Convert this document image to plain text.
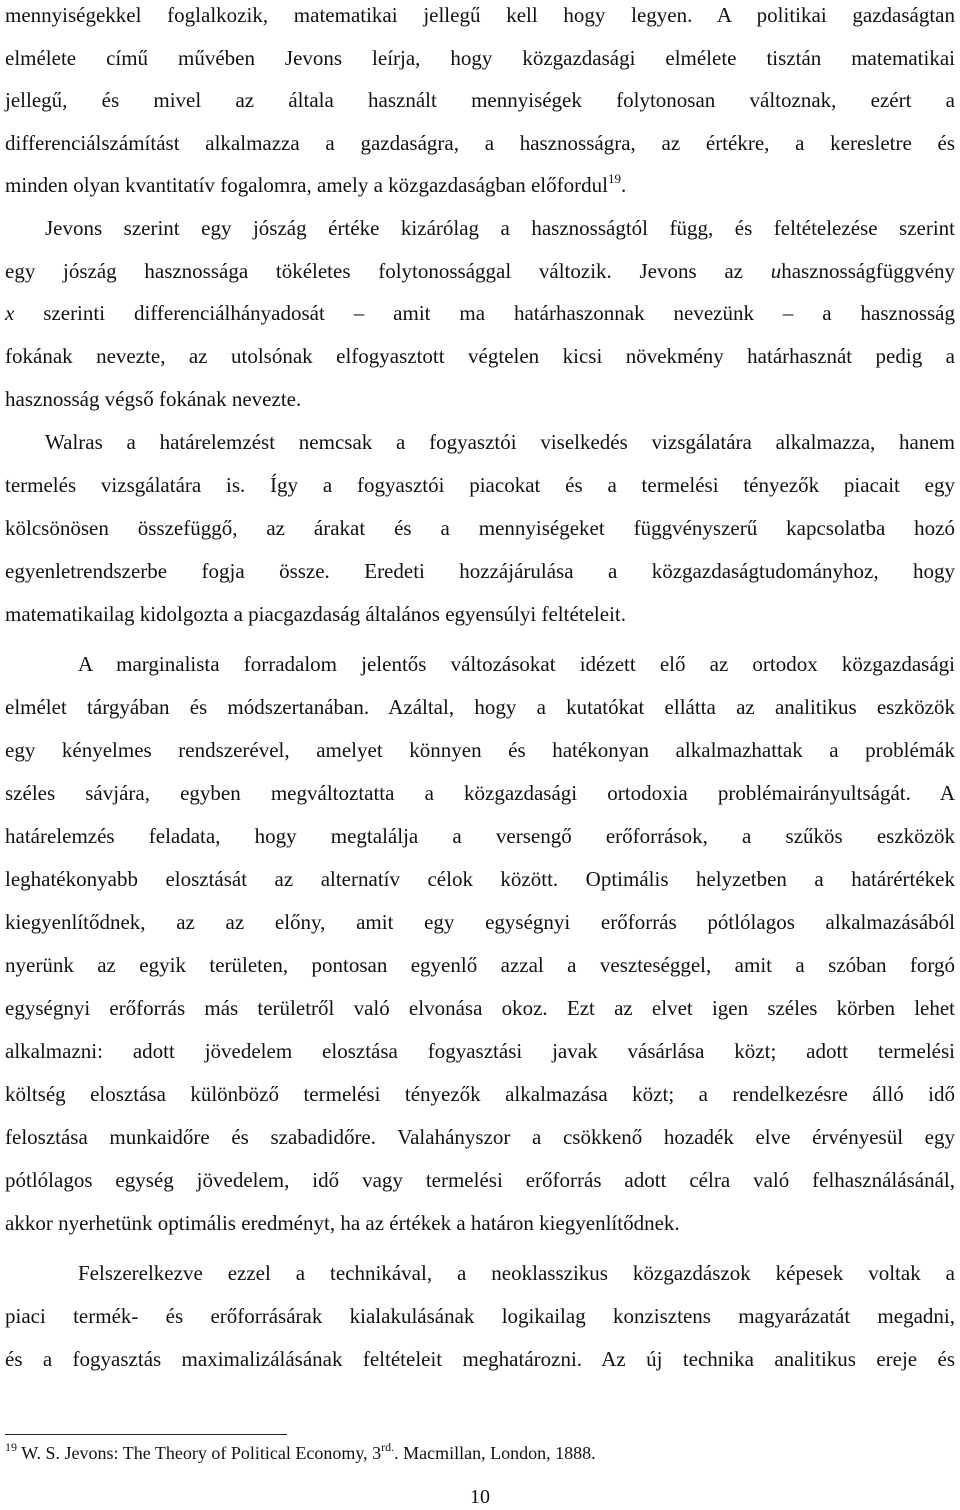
mennyiségekkel foglalkozik, matematikai jellegű kell hogy legyen. A politikai gazdaságtan
elmélete című művében Jevons leírja, hogy közgazdasági elmélete tisztán matematikai
jellegű, és mivel az általa használt mennyiségek folytonosan változnak, ezért a
differenciálszámítást alkalmazza a gazdaságra, a hasznosságra, az értékre, a keresletre és
minden olyan kvantitatív fogalomra, amely a közgazdaságban előfordul$^{19}$.
Jevons szerint egy jószág értéke kizárólag a hasznosságtól függ, és feltételezése szerint
egy jószág hasznossága tökéletes folytonossággal változik. Jevons az uhasznosságfüggvény
x szerinti differenciálhányadosát – amit ma határhaszonnak nevezünk – a hasznosság
fokának nevezte, az utolsónak elfogyasztott végtelen kicsi növekmény határhasznát pedig a
hasznosság végső fokának nevezte.
Walras a határelemzést nemcsak a fogyasztói viselkedés vizsgálatára alkalmazza, hanem
termelés vizsgálatára is. Így a fogyasztói piacokat és a termelési tényezők piacait egy
kölcsönösen összefüggő, az árakat és a mennyiségeket függvényszerű kapcsolatba hozó
egyenletrendszerbe fogja össze. Eredeti hozzájárulása a közgazdaságtudományhoz, hogy
matematikailag kidolgozta a piacgazdaság általános egyensúlyi feltételeit.
A marginalista forradalom jelentős változásokat idézett elő az ortodox közgazdasági
elmélet tárgyában és módszertanában. Azáltal, hogy a kutatókat ellátta az analitikus eszközök
egy kényelmes rendszerével, amelyet könnyen és hatékonyan alkalmazhattak a problémák
széles sávjára, egyben megváltoztatta a közgazdasági ortodoxia problémairányultságát. A
határelemzés feladata, hogy megtalálja a versengő erőforrások, a szűkös eszközök
leghatékonyabb elosztását az alternatív célok között. Optimális helyzetben a határértékek
kiegyenlítődnek, az az előny, amit egy egységnyi erőforrás pótlólagos alkalmazásából
nyerünk az egyik területen, pontosan egyenlő azzal a veszteséggel, amit a szóban forgó
egységnyi erőforrás más területről való elvonása okoz. Ezt az elvet igen széles körben lehet
alkalmazni: adott jövedelem elosztása fogyasztási javak vásárlása közt; adott termelési
költség elosztása különböző termelési tényezők alkalmazása közt; a rendelkezésre álló idő
felosztása munkaidőre és szabadidőre. Valahányszor a csökkenő hozadék elve érvényesül egy
pótlólagos egység jövedelem, idő vagy termelési erőforrás adott célra való felhasználásánál,
akkor nyerhetünk optimális eredményt, ha az értékek a határon kiegyenlítődnek.
Felszerelkezve ezzel a technikával, a neoklasszikus közgazdászok képesek voltak a
piaci termék- és erőforrásárak kialakulásának logikailag konzisztens magyarázatát megadni,
és a fogyasztás maximalizálásának feltételeit meghatározni. Az új technika analitikus ereje és
$^{19}$ W. S. Jevons: The Theory of Political Economy, $3^{rd.}$. Macmillan, London, 1888.
10
